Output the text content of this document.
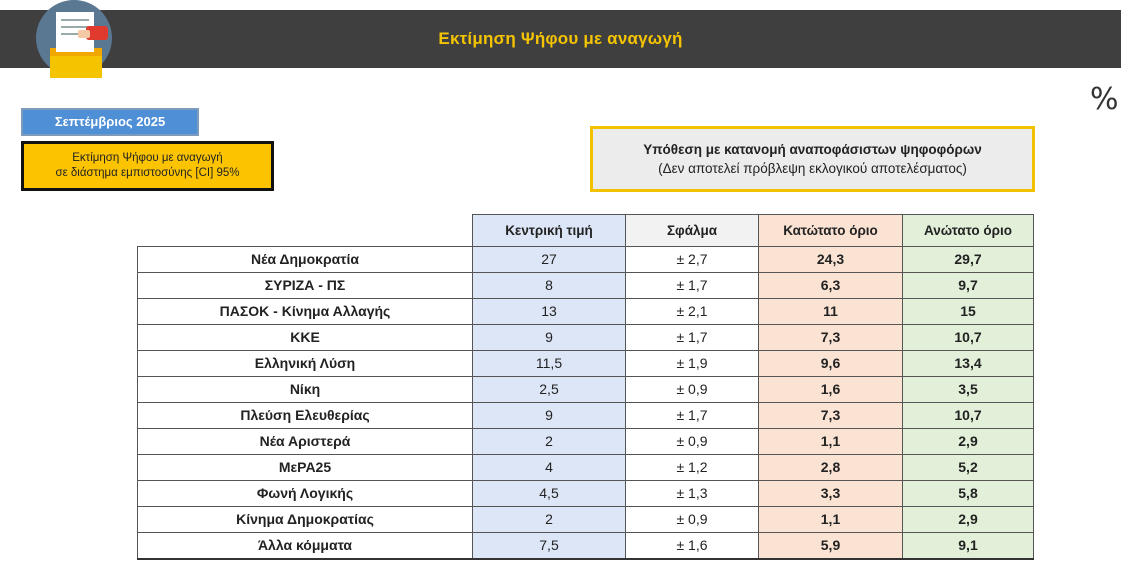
Εκτίμηση Ψήφου με αναγωγή
%
Σεπτέμβριος 2025
Εκτίμηση Ψήφου με αναγωγή
σε διάστημα εμπιστοσύνης [CI] 95%
Υπόθεση με κατανομή αναποφάσιστων ψηφοφόρων
(Δεν αποτελεί πρόβλεψη εκλογικού αποτελέσματος)
	Κεντρική τιμή	Σφάλμα	Κατώτατο όριο	Ανώτατο όριο
Νέα Δημοκρατία	27	± 2,7	24,3	29,7
ΣΥΡΙΖΑ - ΠΣ	8	± 1,7	6,3	9,7
ΠΑΣΟΚ - Κίνημα Αλλαγής	13	± 2,1	11	15
ΚΚΕ	9	± 1,7	7,3	10,7
Ελληνική Λύση	11,5	± 1,9	9,6	13,4
Νίκη	2,5	± 0,9	1,6	3,5
Πλεύση Ελευθερίας	9	± 1,7	7,3	10,7
Νέα Αριστερά	2	± 0,9	1,1	2,9
ΜεΡΑ25	4	± 1,2	2,8	5,2
Φωνή Λογικής	4,5	± 1,3	3,3	5,8
Κίνημα Δημοκρατίας	2	± 0,9	1,1	2,9
Άλλα κόμματα	7,5	± 1,6	5,9	9,1
